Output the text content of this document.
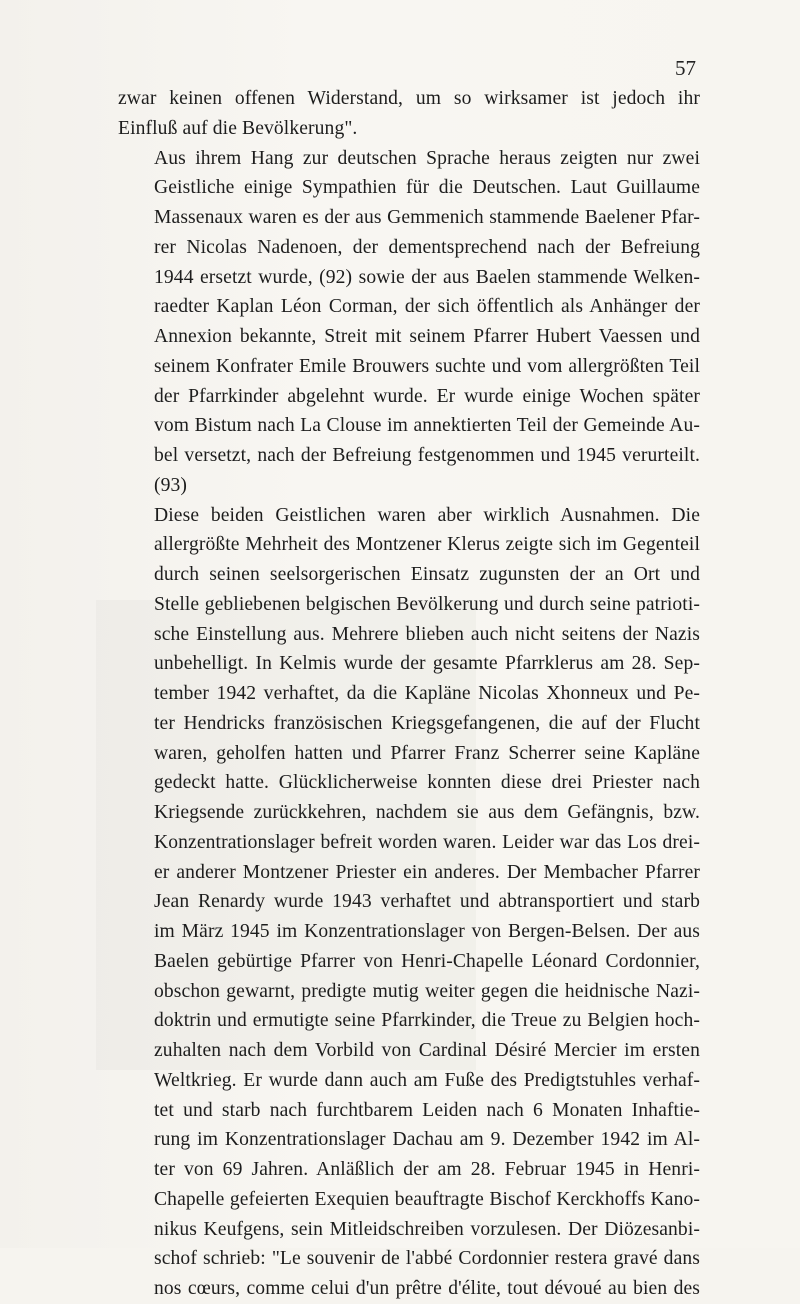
57

zwar keinen offenen Widerstand, um so wirksamer ist jedoch ihr
Einfluß auf die Bevölkerung".

Aus ihrem Hang zur deutschen Sprache heraus zeigten nur zwei
Geistliche einige Sympathien für die Deutschen. Laut Guillaume
Massenaux waren es der aus Gemmenich stammende Baelener Pfar-
rer Nicolas Nadenoen, der dementsprechend nach der Befreiung
1944 ersetzt wurde, (92) sowie der aus Baelen stammende Welken-
raedter Kaplan Léon Corman, der sich öffentlich als Anhänger der
Annexion bekannte, Streit mit seinem Pfarrer Hubert Vaessen und
seinem Konfrater Emile Brouwers suchte und vom allergrößten Teil
der Pfarrkinder abgelehnt wurde. Er wurde einige Wochen später
vom Bistum nach La Clouse im annektierten Teil der Gemeinde Au-
bel versetzt, nach der Befreiung festgenommen und 1945 verurteilt.
(93)

Diese beiden Geistlichen waren aber wirklich Ausnahmen. Die
allergrößte Mehrheit des Montzener Klerus zeigte sich im Gegenteil
durch seinen seelsorgerischen Einsatz zugunsten der an Ort und
Stelle gebliebenen belgischen Bevölkerung und durch seine patrioti-
sche Einstellung aus. Mehrere blieben auch nicht seitens der Nazis
unbehelligt. In Kelmis wurde der gesamte Pfarrklerus am 28. Sep-
tember 1942 verhaftet, da die Kapläne Nicolas Xhonneux und Pe-
ter Hendricks französischen Kriegsgefangenen, die auf der Flucht
waren, geholfen hatten und Pfarrer Franz Scherrer seine Kapläne
gedeckt hatte. Glücklicherweise konnten diese drei Priester nach
Kriegsende zurückkehren, nachdem sie aus dem Gefängnis, bzw.
Konzentrationslager befreit worden waren. Leider war das Los drei-
er anderer Montzener Priester ein anderes. Der Membacher Pfarrer
Jean Renardy wurde 1943 verhaftet und abtransportiert und starb
im März 1945 im Konzentrationslager von Bergen-Belsen. Der aus
Baelen gebürtige Pfarrer von Henri-Chapelle Léonard Cordonnier,
obschon gewarnt, predigte mutig weiter gegen die heidnische Nazi-
doktrin und ermutigte seine Pfarrkinder, die Treue zu Belgien hoch-
zuhalten nach dem Vorbild von Cardinal Désiré Mercier im ersten
Weltkrieg. Er wurde dann auch am Fuße des Predigtstuhles verhaf-
tet und starb nach furchtbarem Leiden nach 6 Monaten Inhaftie-
rung im Konzentrationslager Dachau am 9. Dezember 1942 im Al-
ter von 69 Jahren. Anläßlich der am 28. Februar 1945 in Henri-
Chapelle gefeierten Exequien beauftragte Bischof Kerckhoffs Kano-
nikus Keufgens, sein Mitleidschreiben vorzulesen. Der Diözesanbi-
schof schrieb: "Le souvenir de l'abbé Cordonnier restera gravé dans
nos cœurs, comme celui d'un prêtre d'élite, tout dévoué au bien des
